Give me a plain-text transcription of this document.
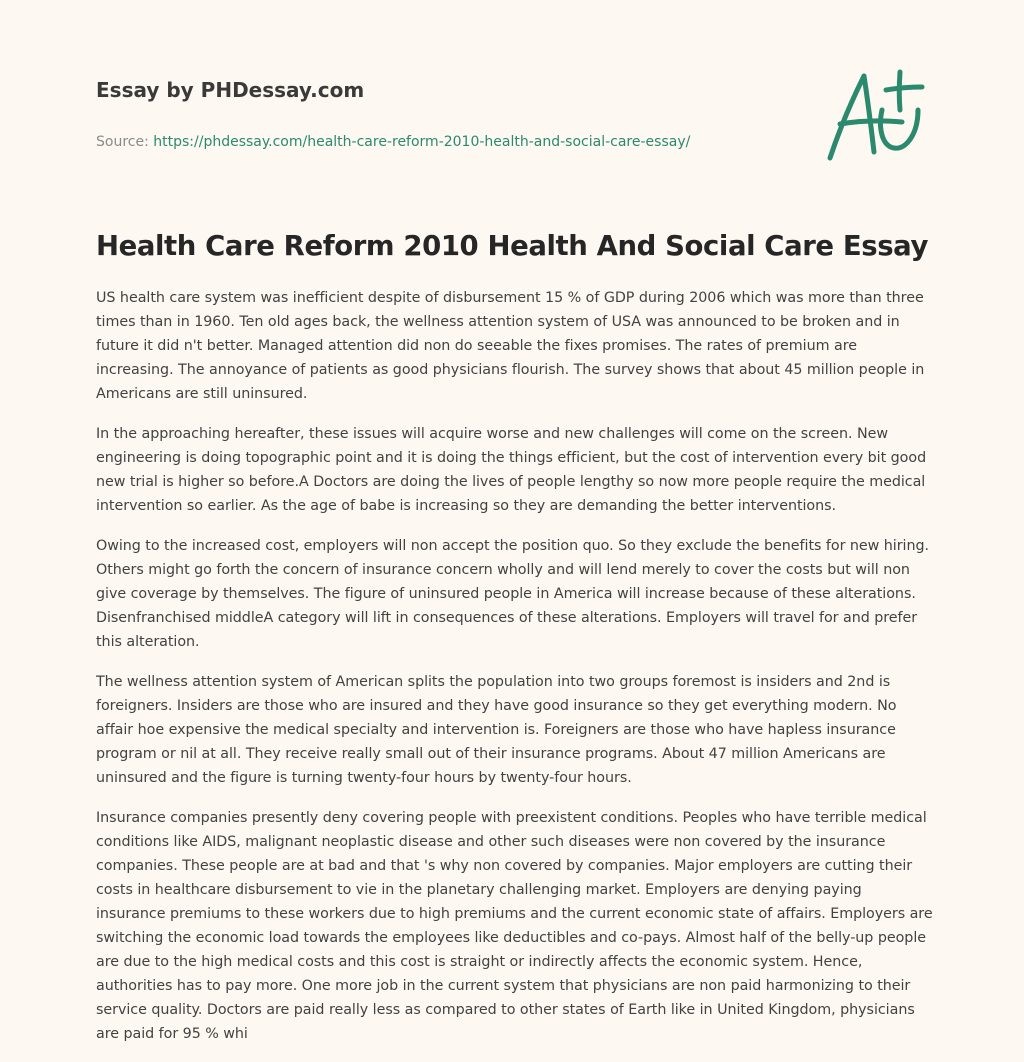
Essay by PHDessay.com
Source: https://phdessay.com/health-care-reform-2010-health-and-social-care-essay/
Health Care Reform 2010 Health And Social Care Essay

US health care system was inefficient despite of disbursement 15 % of GDP during 2006 which was more than three times than in 1960. Ten old ages back, the wellness attention system of USA was announced to be broken and in future it did n't better. Managed attention did non do seeable the fixes promises. The rates of premium are increasing. The annoyance of patients as good physicians flourish. The survey shows that about 45 million people in Americans are still uninsured.

In the approaching hereafter, these issues will acquire worse and new challenges will come on the screen. New engineering is doing topographic point and it is doing the things efficient, but the cost of intervention every bit good new trial is higher so before.A Doctors are doing the lives of people lengthy so now more people require the medical intervention so earlier. As the age of babe is increasing so they are demanding the better interventions.

Owing to the increased cost, employers will non accept the position quo. So they exclude the benefits for new hiring. Others might go forth the concern of insurance concern wholly and will lend merely to cover the costs but will non give coverage by themselves. The figure of uninsured people in America will increase because of these alterations. Disenfranchised middleA category will lift in consequences of these alterations. Employers will travel for and prefer this alteration.

The wellness attention system of American splits the population into two groups foremost is insiders and 2nd is foreigners. Insiders are those who are insured and they have good insurance so they get everything modern. No affair hoe expensive the medical specialty and intervention is. Foreigners are those who have hapless insurance program or nil at all. They receive really small out of their insurance programs. About 47 million Americans are uninsured and the figure is turning twenty-four hours by twenty-four hours.

Insurance companies presently deny covering people with preexistent conditions. Peoples who have terrible medical conditions like AIDS, malignant neoplastic disease and other such diseases were non covered by the insurance companies. These people are at bad and that 's why non covered by companies. Major employers are cutting their costs in healthcare disbursement to vie in the planetary challenging market. Employers are denying paying insurance premiums to these workers due to high premiums and the current economic state of affairs. Employers are switching the economic load towards the employees like deductibles and co-pays. Almost half of the belly-up people are due to the high medical costs and this cost is straight or indirectly affects the economic system. Hence, authorities has to pay more. One more job in the current system that physicians are non paid harmonizing to their service quality. Doctors are paid really less as compared to other states of Earth like in United Kingdom, physicians are paid for 95 % whi
